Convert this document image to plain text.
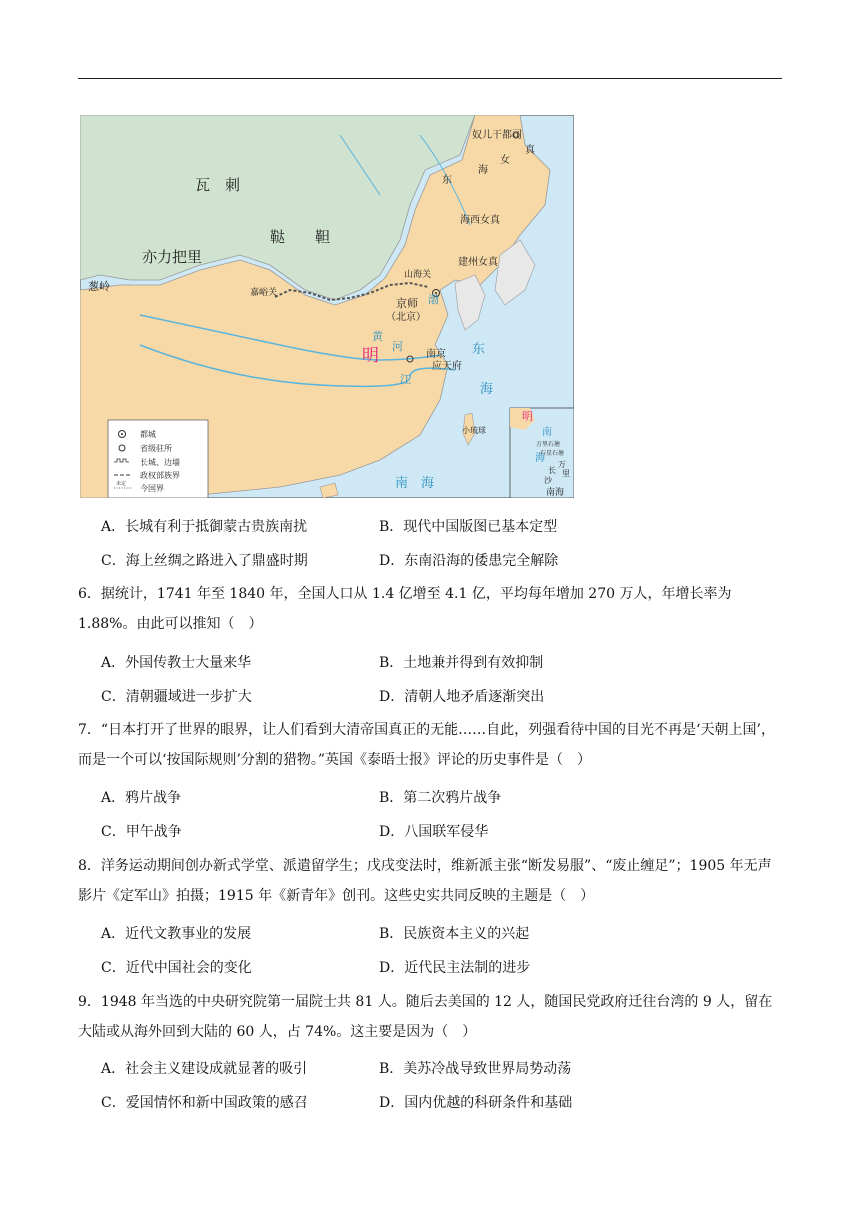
瓦　刺
鞑　　靼
亦力把里
葱岭
明
奴儿干都司
东
海
女
真
海西女真
建州女真
山海关
嘉峪关
京师
（北京）
南京
应天府
黄
河
江
渤
东
海
南　海
小琉球
明
南
海
万里石塘
石星石塘
万
里
长
沙
南海
都城
省级驻所
长城、边墙
政权部族界
今国界
未定
A．长城有利于抵御蒙古贵族南扰	B．现代中国版图已基本定型
C．海上丝绸之路进入了鼎盛时期	D．东南沿海的倭患完全解除
6．据统计，1741 年至 1840 年，全国人口从 1.4 亿增至 4.1 亿，平均每年增加 270 万人，年增长率为 1.88%。由此可以推知（　）
A．外国传教士大量来华	B．土地兼并得到有效抑制
C．清朝疆域进一步扩大	D．清朝人地矛盾逐渐突出
7．“日本打开了世界的眼界，让人们看到大清帝国真正的无能……自此，列强看待中国的目光不再是‘天朝上国’，而是一个可以‘按国际规则’分割的猎物。”英国《泰晤士报》评论的历史事件是（　）
A．鸦片战争	B．第二次鸦片战争
C．甲午战争	D．八国联军侵华
8．洋务运动期间创办新式学堂、派遣留学生；戊戌变法时，维新派主张“断发易服”、“废止缠足”；1905 年无声影片《定军山》拍摄；1915 年《新青年》创刊。这些史实共同反映的主题是（　）
A．近代文教事业的发展	B．民族资本主义的兴起
C．近代中国社会的变化	D．近代民主法制的进步
9．1948 年当选的中央研究院第一届院士共 81 人。随后去美国的 12 人，随国民党政府迁往台湾的 9 人，留在大陆或从海外回到大陆的 60 人，占 74%。这主要是因为（　）
A．社会主义建设成就显著的吸引	B．美苏冷战导致世界局势动荡
C．爱国情怀和新中国政策的感召	D．国内优越的科研条件和基础
